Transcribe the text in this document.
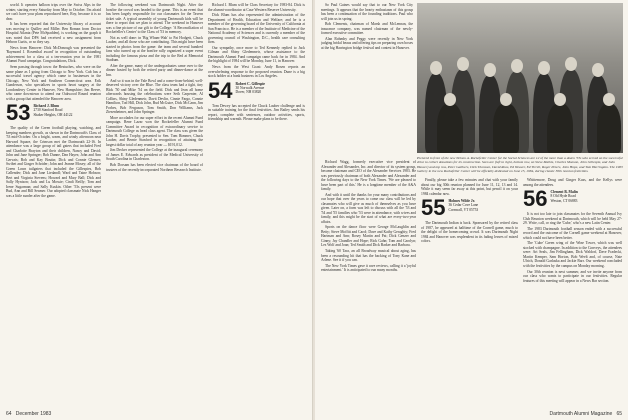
world. It operates balloon trips over the Swiss Alps in the winter, starting every Saturday from May to October. I'm afraid we can't have your plans reproduced here, Roy, because it is so dear.

It has been reported that the University library of account was moving to Quilley and Miller. Ben Roman from Doctor Hospital Atlanta (Pete McSpadden), is working on the graph it was noted that DPS had received a new assignment from Hebron Curtis, or so they say.

News from Hanover: Dick McDonough was presented the 'Raymond J. Rosenthal award' in recognition of outstanding achievement for a class at a ten-reunion year in the 1981 Alumni Fund campaign. Congratulations, Dick.

Seen passing through town: the Bestuches, who were on the same plane as I going from Chicago to New York. Cub has a successful travel agency which came to businesses in the Chicago, New York and Southern Connecticut area. Erik Gunderson, who specializes in sports heart surgery at the Londonderry Center in Hanover, New Hampshire; Jim Reeve, who came downtown to attend our Oakwood Round reunion with a group that attended the Hanover area.

53 Richard J. Blum
2730 Stanford Road
Shaker Heights, OH 44122

The quality of the Green football playing, watching, and keeping numbers growth, as shown in the Dartmouth's Class of '53 mid-October. On a bright, warm, and windy afternoon near Harvard Square, the Crimson met the Dartmouth 22-16. In attendance was a large group of tail gaters that included Fred and Charlotte Brayton and their children, Nancy and David; John and Jane Springer; Bob Dunne, Dan Hayes; John and Ann Gervais; Bob and Kay Boutin; Dick and Connie Glenser; Swibet and Ginger Schrider; John and Jeanne Mosey; all of the Green Lawn tailgaters that included the Gillespies, Bob Callender; Dick and Jane Liedandl; Ward and Taine Hobson; Bert and Virginia Stevens; Howard and Mary Ball; Dick and Sally Hynison; Jack and Lu Mossie; Cindi Reilly; Tom and Irene Sugarman; and Sally Kuskin. Other '53s present were Bud, Ann and Bill Seamer. Our adopted classmate Nick Hanger was a little sunder after the game.

The following weekend was Dartmouth Night. After the bonfire the crowd was headed to the game. This is an event that has been largely responsible for our classmates for the Tavern ticket sale. A typical assembly of young Dartmouth kids will be there to report that we plan to attend. The weekend in Hanover was a fine picture of our gift to the College: 'A Reconciliation of Rockefeller's Center' to the Class of '53 in memory.

Not as well done: in 'Big Wham-Wah' to Pat Hodgett, Chuck Lauber, and all those who are contributing. This might have been started in photos from the game: the team and several hundred fans who turned up at the bonfire rally organized a super event including the famous pizza and the trip to the Red at Memorial Stadium.

After the game, many of the undergraduates came over to the dinner hosted by both the retired party and dinner-dance at the Inn.

And so it was in the Yale Bowl and a come-from-behind, well-deserved victory over the Blue. The class team had a tight, tiny Blok '50 and Mike '54 on the field. Dick and Jean all home afterwards housing the celebrations were Seth Carpenter, Al Collins, Shiny Gledenmeir, Davit Devlin, Cinnie Fargo, Connie Hamilton, Tod Hill, Dick John, Bud McGuire, Dick McCann, Jim Forbes, Bob Ferguson, Tom Smith, Don Williams, Jack Ziesenheimer, and John Springer.

More accolades for our super effort in the recent Alumni Fund campaign. Rene Lazar won the Rockefeller Alumni Fund Committee Award in recognition of extraordinary service to Dartmouth College as head class agent. The class was given the John H. Davis Trophy, presented to Sen. Tom Rimmer, Chuck Lauber, and Bernie Stanford in recognition of attaining the largest dollar total of any reunion year — $191,012.

Jim Decker represented the College at the inaugural ceremony of James E. Edwards as president of the Medical University of South Carolina in Charleston.

Bob Dorsam has been elected vice chairman of the board of trustees of the recently incorporated Northern Research Institute.

Richard J. Blum will be Class Secretary for 1983-84. Dick is the alumni-coordinator at Case Western Reserve University.

Dick Blum has also represented the administration of the Department of Health, Education and Welfare; and he is a member of the governing board of the University of California at San Francisco. He is a member of the Institute of Medicine of the National Academy of Sciences and is currently a member of the governing council of Washington, D.C., health care consulting firm.

Our sympathy, once more to Ted Kennedy replied to Jack Gilman and Shiny Gledenmeir, whose assistance to the Dartmouth Alumni Fund campaign came back for in 1984. And the highlight of 1984 will be Monday, June 11, in Hanover.

News from the West Coast: Andy Rosen reports an overwhelming response to the proposed reunion. Dune is a big stock holder at a bank business in Los Angeles.

54 Robert C. Gillespie
30 Norwalk Avenue
Dover, NH 03820

Tom Dewey has accepted the Chuck Lauber challenge and is in suitable training for the final festivities. Jim Bailey sends his report, complete with sentences, outdoor activities, sports, friendship and warmth. Please make plans to be there.

64 December 1983

Richard Wagg, formerly executive vice president of Alexander and Alexander, Inc. and director of its system group, became chairman and CEO of the Alexander Services 1983. He was previously chairman of both Alexander and Alexander and the following days to the New York Times. 'We are pleased to have been part of this.' He is a longtime member of the A&A family.

And with it until the thanks for your many contributions and our hope that over the years to come our class will be led by classmates who will give as much of themselves as you have given. Later on, a form was left to discuss with all the '53 and '54 and '55 families who '53 were in attendance, with wives and family, and this might be the start of what are every-two-year affairs.

Sports on the dance floor were George McLaughlin and Betty; Steve Moffitt and Carol; Dave and Kathy Geraghty; Fred Hartman and Ann; Rosey Martin and Pat; Dick Genzer and Ginny; Jay Chandler and Hope; Rick Gahn; Tom and Carolyn; Les Wolf and Joan; Ted Smith and Dick Barker and Barbara.

Taking '60 Tara, an all Broadway musical about aging, has been a resounding hit that has the backing of Tony Kane and Arlene. See it if you can.

The New York Times gave it rave reviews, calling it a 'joyful entertainment.' It is anticipated to run many months.

So Paul Gaines would say that to our New York City meetings. It appears that the hearty enthusiasm of this group has been a continuation of the founding traditions. Paul who will join us in spring.

Bob Clements, chairman of Marsh and McLennan, the insurance company, was named chairman of the newly-formed executive committee.

Alan Rohmby and Peggy were recently in New York judging bridal beaus and offering tips on preparing own boxes at the big Harrington bridge festival and contest in Hanover.

Pictured in front of the new Nelson A. Rockefeller Center for the Social Sciences are 12 of the more than a dozen '53s who served on the successful drive to collect donations for its construction. Seen are (left to right, bottom row, on Steve Mathis, Charles Munson, John Gillespie, and John Hauser) and top row, Peter Gaithers, Dick Thomsen, David Roos, Ed Weaver, Ed Tirrell, Roger Peters, John Hope, and Tom Harrington. The 1983 Gallery in the new Rockefeller Center will be officially dedicated on June 15, 1984, during classic 30th reunion festivities.

Finally, please take a few minutes and chat with your family about our big 30th reunion planned for June 11, 12, 13 and 14. While it may seem far away at this point, but pencil it on your 1984 calendar now.

55 Holmes Wilde Jr.
36 Cedar Cove Lane
Cornwall, VT 05753

The Dartmouth Indian is back. Sponsored by the retired class of 1987, he appeared at halftime of the Cornell game, much to the delight of the homecoming crowd. It was Dartmouth Night 1984 and Hanover was resplendent in its fading leaves of mixed colors.

Whittemore, Doug and Ginger Kuss, and the Kellys were among the attendees.

56 Clement B. Malin
8 Old Hyde Road
Weston, CT 06883

It is not too late to join classmates for the Seventh Annual Ivy Club Reunion weekend at Dartmouth, which will be held May 27-29. Write, call, or ring the 'Cube,' who's a new Latin Center.

The 1983 Dartmouth football season ended with a successful record and the outcome of the Cornell game weekend at Hanover, which could not have been better.

The 'Cube' Green wing of the Wine Tower, which was well stocked with champagne. In addition to the Conveys, the attendees were: Art Seals, Jim Fellingham, Dick Waldorf, Dave Fradeckt, Martin Kemper, Sam Horton, Bob Weelt and, of course, Nate Ulrich, Donald Garlaska and Jackie Barr. Our weekend concluded with the festivities by the campus on Monday morning.

Our 30th reunion is next summer, and we invite anyone from our class who wants to participate in our festivities. Regular features of this meeting will appear in a News Bar section.

Dartmouth Alumni Magazine 65
